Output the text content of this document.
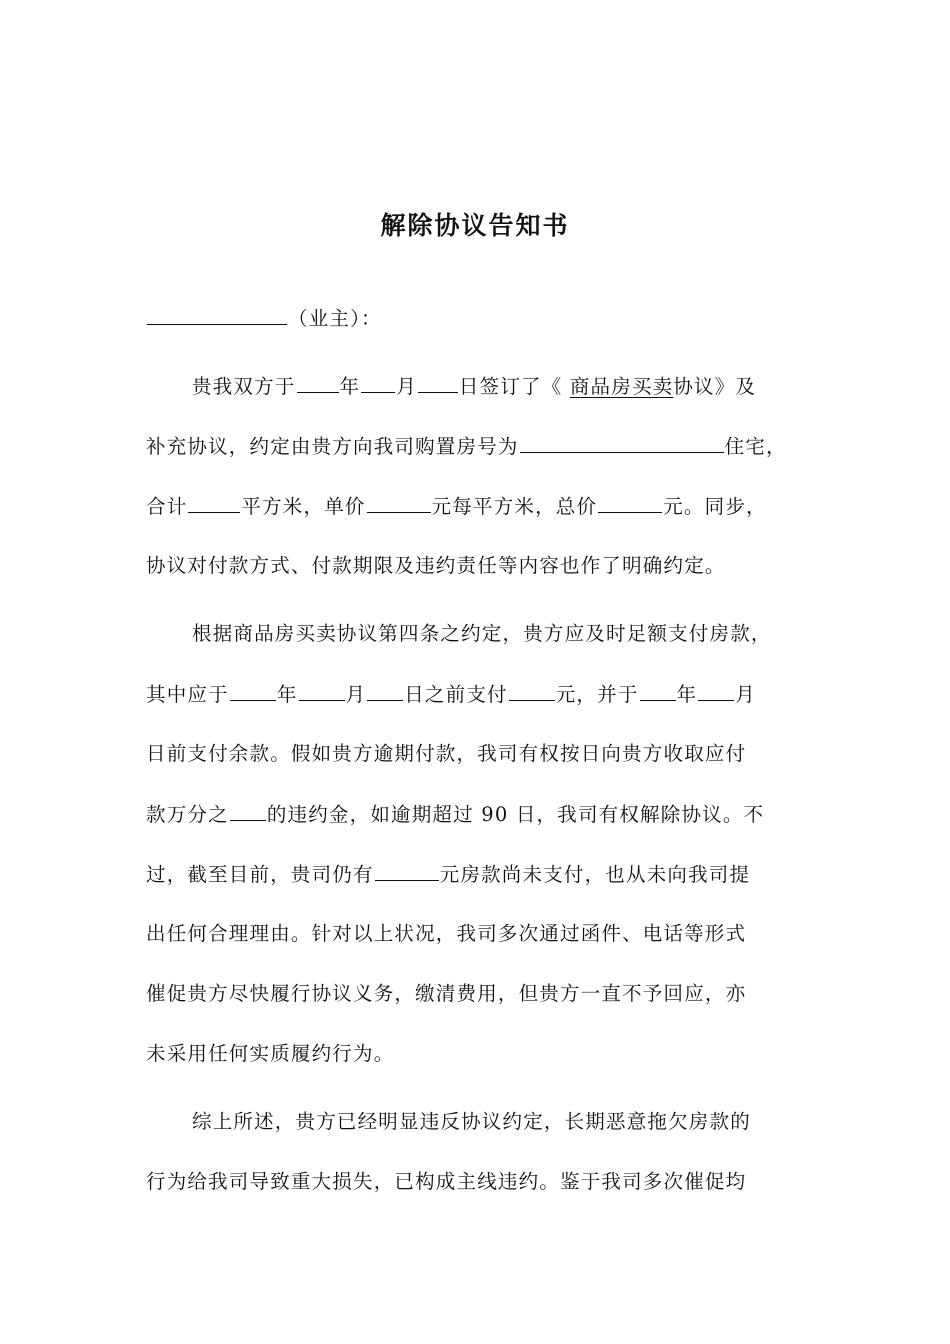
解除协议告知书
（业主）：
贵我双方于 年 月 日签订了《 商品房买卖协议》及
补充协议，约定由贵方向我司购置房号为	住宅，
合计	平方米，单价	元每平方米，总价	元。同步，
协议对付款方式、付款期限及违约责任等内容也作了明确约定。
根据商品房买卖协议第四条之约定，贵方应及时足额支付房款，
其中应于 年 月 日之前支付 元，并于 年 月
日前支付余款。假如贵方逾期付款，我司有权按日向贵方收取应付
款万分之 的违约金，如逾期超过 90 日，我司有权解除协议。不
过，截至目前，贵司仍有	元房款尚未支付，也从未向我司提
出任何合理理由。针对以上状况，我司多次通过函件、电话等形式
催促贵方尽快履行协议义务，缴清费用，但贵方一直不予回应，亦
未采用任何实质履约行为。
综上所述，贵方已经明显违反协议约定，长期恶意拖欠房款的
行为给我司导致重大损失，已构成主线违约。鉴于我司多次催促均
